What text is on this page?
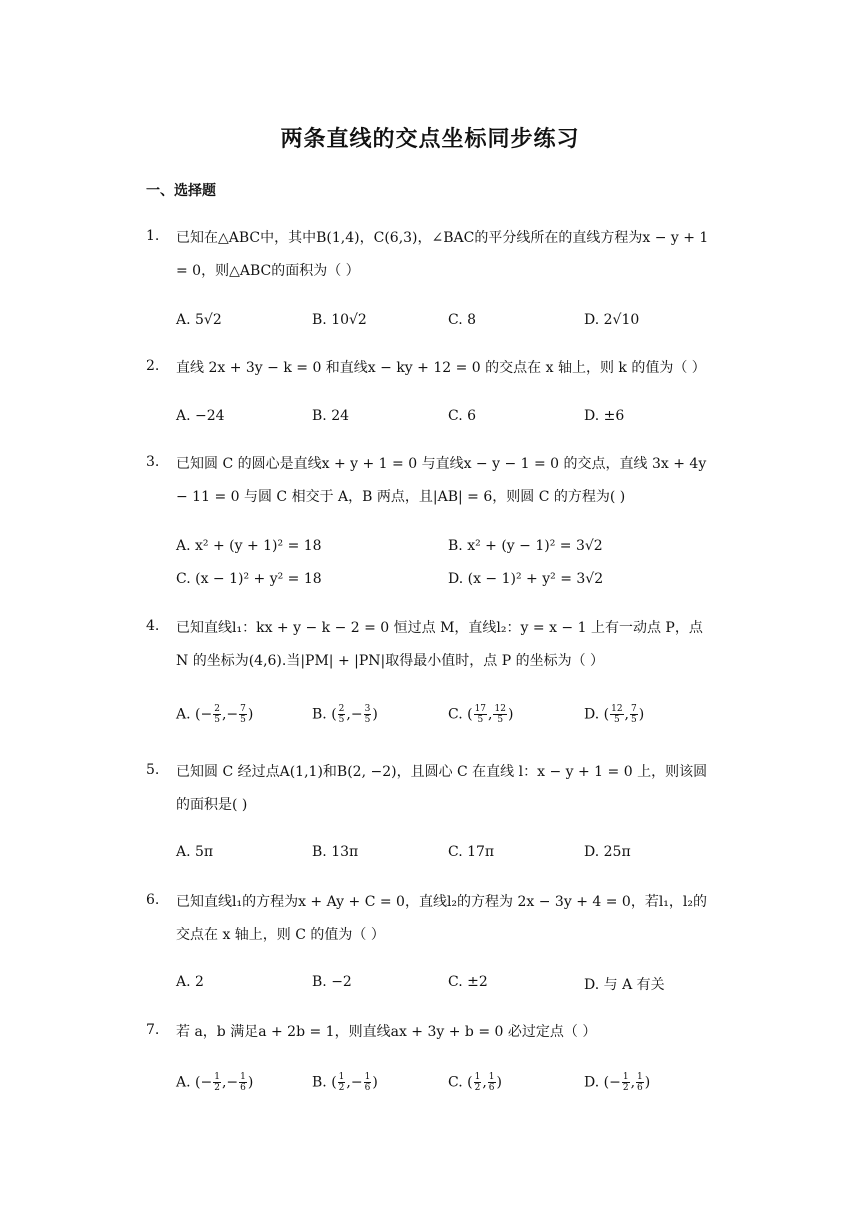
两条直线的交点坐标同步练习
一、选择题
1.	已知在△ABC中，其中B(1,4)，C(6,3)，∠BAC的平分线所在的直线方程为x − y + 1 = 0，则△ABC的面积为（ ）
A. 5√2	B. 10√2	C. 8	D. 2√10
2.	直线 2x + 3y − k = 0 和直线x − ky + 12 = 0 的交点在 x 轴上，则 k 的值为（ ）
A. −24	B. 24	C. 6	D. ±6
3.	已知圆 C 的圆心是直线x + y + 1 = 0 与直线x − y − 1 = 0 的交点，直线 3x + 4y − 11 = 0 与圆 C 相交于 A，B 两点，且|AB| = 6，则圆 C 的方程为( )
A. x² + (y + 1)² = 18	B. x² + (y − 1)² = 3√2
C. (x − 1)² + y² = 18	D. (x − 1)² + y² = 3√2
4.	已知直线l₁：kx + y − k − 2 = 0 恒过点 M，直线l₂：y = x − 1 上有一动点 P，点 N 的坐标为(4,6).当|PM| + |PN|取得最小值时，点 P 的坐标为（ ）
A. (− $\frac{2}{5}$ ,− $\frac{7}{5}$ )	B. ( $\frac{2}{5}$ ,− $\frac{3}{5}$ )	C. ( $\frac{17}{5}$ , $\frac{12}{5}$ )	D. ( $\frac{12}{5}$ , $\frac{7}{5}$ )
5.	已知圆 C 经过点A(1,1)和B(2, −2)，且圆心 C 在直线 l：x − y + 1 = 0 上，则该圆的面积是( )
A. 5π	B. 13π	C. 17π	D. 25π
6.	已知直线l₁的方程为x + Ay + C = 0，直线l₂的方程为 2x − 3y + 4 = 0，若l₁，l₂的交点在 x 轴上，则 C 的值为（ ）
A. 2	B. −2	C. ±2	D. 与 A 有关
7.	若 a，b 满足a + 2b = 1，则直线ax + 3y + b = 0 必过定点（ ）
A. (− $\frac{1}{2}$ ,− $\frac{1}{6}$ )	B. ( $\frac{1}{2}$ ,− $\frac{1}{6}$ )	C. ( $\frac{1}{2}$ , $\frac{1}{6}$ )	D. (− $\frac{1}{2}$ , $\frac{1}{6}$ )
